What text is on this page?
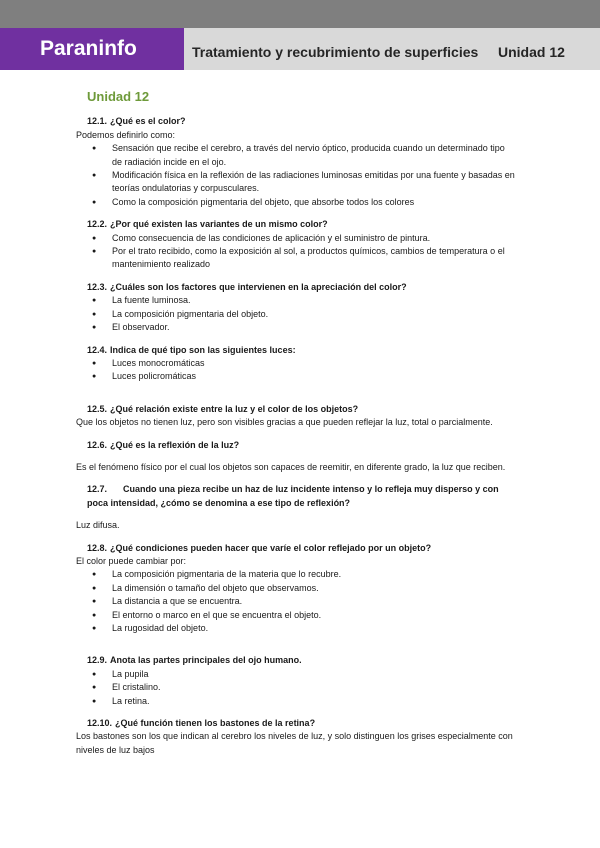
Paraninfo	Tratamiento y recubrimiento de superficies Unidad 12
Unidad 12
12.1. ¿Qué es el color?

Podemos definirlo como:

● Sensación que recibe el cerebro, a través del nervio óptico, producida cuando un determinado tipo de radiación incide en el ojo.
● Modificación física en la reflexión de las radiaciones luminosas emitidas por una fuente y basadas en teorías ondulatorias y corpusculares.
● Como la composición pigmentaria del objeto, que absorbe todos los colores
12.2. ¿Por qué existen las variantes de un mismo color?
● Como consecuencia de las condiciones de aplicación y el suministro de pintura.
● Por el trato recibido, como la exposición al sol, a productos químicos, cambios de temperatura o el mantenimiento realizado
12.3. ¿Cuáles son los factores que intervienen en la apreciación del color?
● La fuente luminosa.
● La composición pigmentaria del objeto.
● El observador.
12.4. Indica de qué tipo son las siguientes luces:
● Luces monocromáticas
● Luces policromáticas
12.5. ¿Qué relación existe entre la luz y el color de los objetos?

Que los objetos no tienen luz, pero son visibles gracias a que pueden reflejar la luz, total o parcialmente.

12.6. ¿Qué es la reflexión de la luz?

Es el fenómeno físico por el cual los objetos son capaces de reemitir, en diferente grado, la luz que reciben.

12.7. Cuando una pieza recibe un haz de luz incidente intenso y lo refleja muy disperso y con poca intensidad, ¿cómo se denomina a ese tipo de reflexión?

Luz difusa.

12.8. ¿Qué condiciones pueden hacer que varíe el color reflejado por un objeto?

El color puede cambiar por:

● La composición pigmentaria de la materia que lo recubre.
● La dimensión o tamaño del objeto que observamos.
● La distancia a que se encuentra.
● El entorno o marco en el que se encuentra el objeto.
● La rugosidad del objeto.
12.9. Anota las partes principales del ojo humano.
● La pupila
● El cristalino.
● La retina.
12.10. ¿Qué función tienen los bastones de la retina?

Los bastones son los que indican al cerebro los niveles de luz, y solo distinguen los grises especialmente con niveles de luz bajos
